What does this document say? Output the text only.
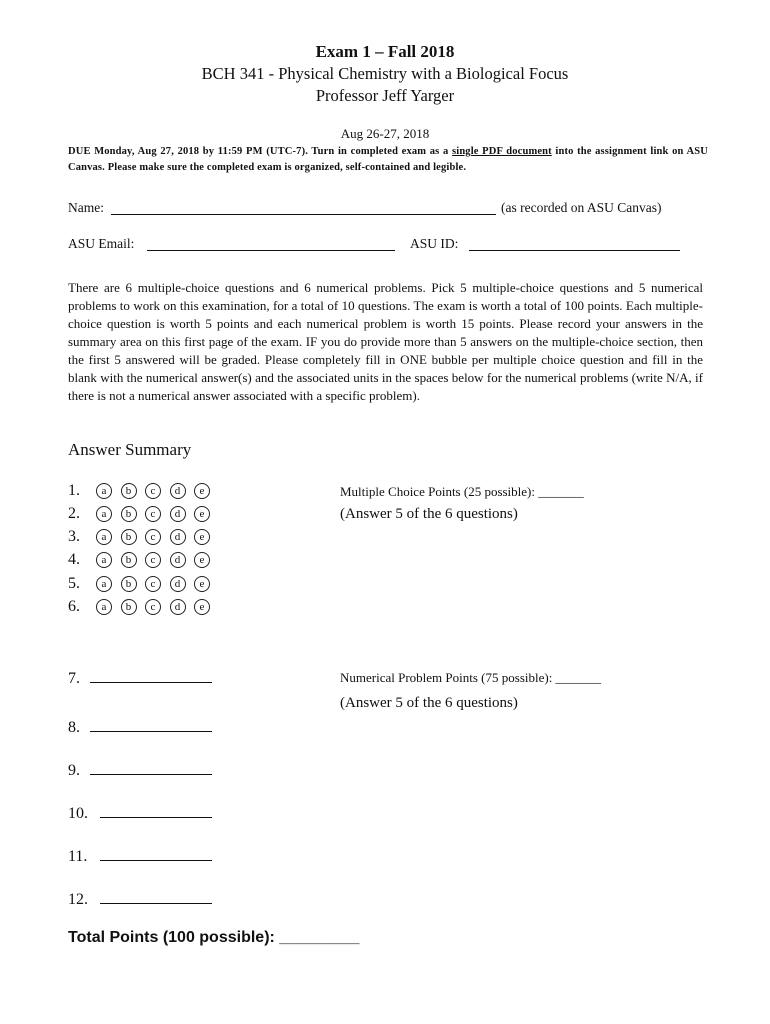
Exam 1 – Fall 2018
BCH 341 - Physical Chemistry with a Biological Focus
Professor Jeff Yarger
Aug 26-27, 2018
DUE Monday, Aug 27, 2018 by 11:59 PM (UTC-7). Turn in completed exam as a single PDF document into the assignment link on ASU Canvas. Please make sure the completed exam is organized, self-contained and legible.
Name:	(as recorded on ASU Canvas)
ASU Email:	ASU ID:
There are 6 multiple-choice questions and 6 numerical problems. Pick 5 multiple-choice questions and 5 numerical problems to work on this examination, for a total of 10 questions. The exam is worth a total of 100 points. Each multiple-choice question is worth 5 points and each numerical problem is worth 15 points. Please record your answers in the summary area on this first page of the exam. IF you do provide more than 5 answers on the multiple-choice section, then the first 5 answered will be graded. Please completely fill in ONE bubble per multiple choice question and fill in the blank with the numerical answer(s) and the associated units in the spaces below for the numerical problems (write N/A, if there is not a numerical answer associated with a specific problem).
Answer Summary
1.	a	b	c	d	e
2.	a	b	c	d	e
3.	a	b	c	d	e
4.	a	b	c	d	e
5.	a	b	c	d	e
6.	a	b	c	d	e
Multiple Choice Points (25 possible): _______
(Answer 5 of the 6 questions)
7.
8.
9.
10.
11.
12.
Numerical Problem Points (75 possible): _______
(Answer 5 of the 6 questions)
Total Points (100 possible): _________
